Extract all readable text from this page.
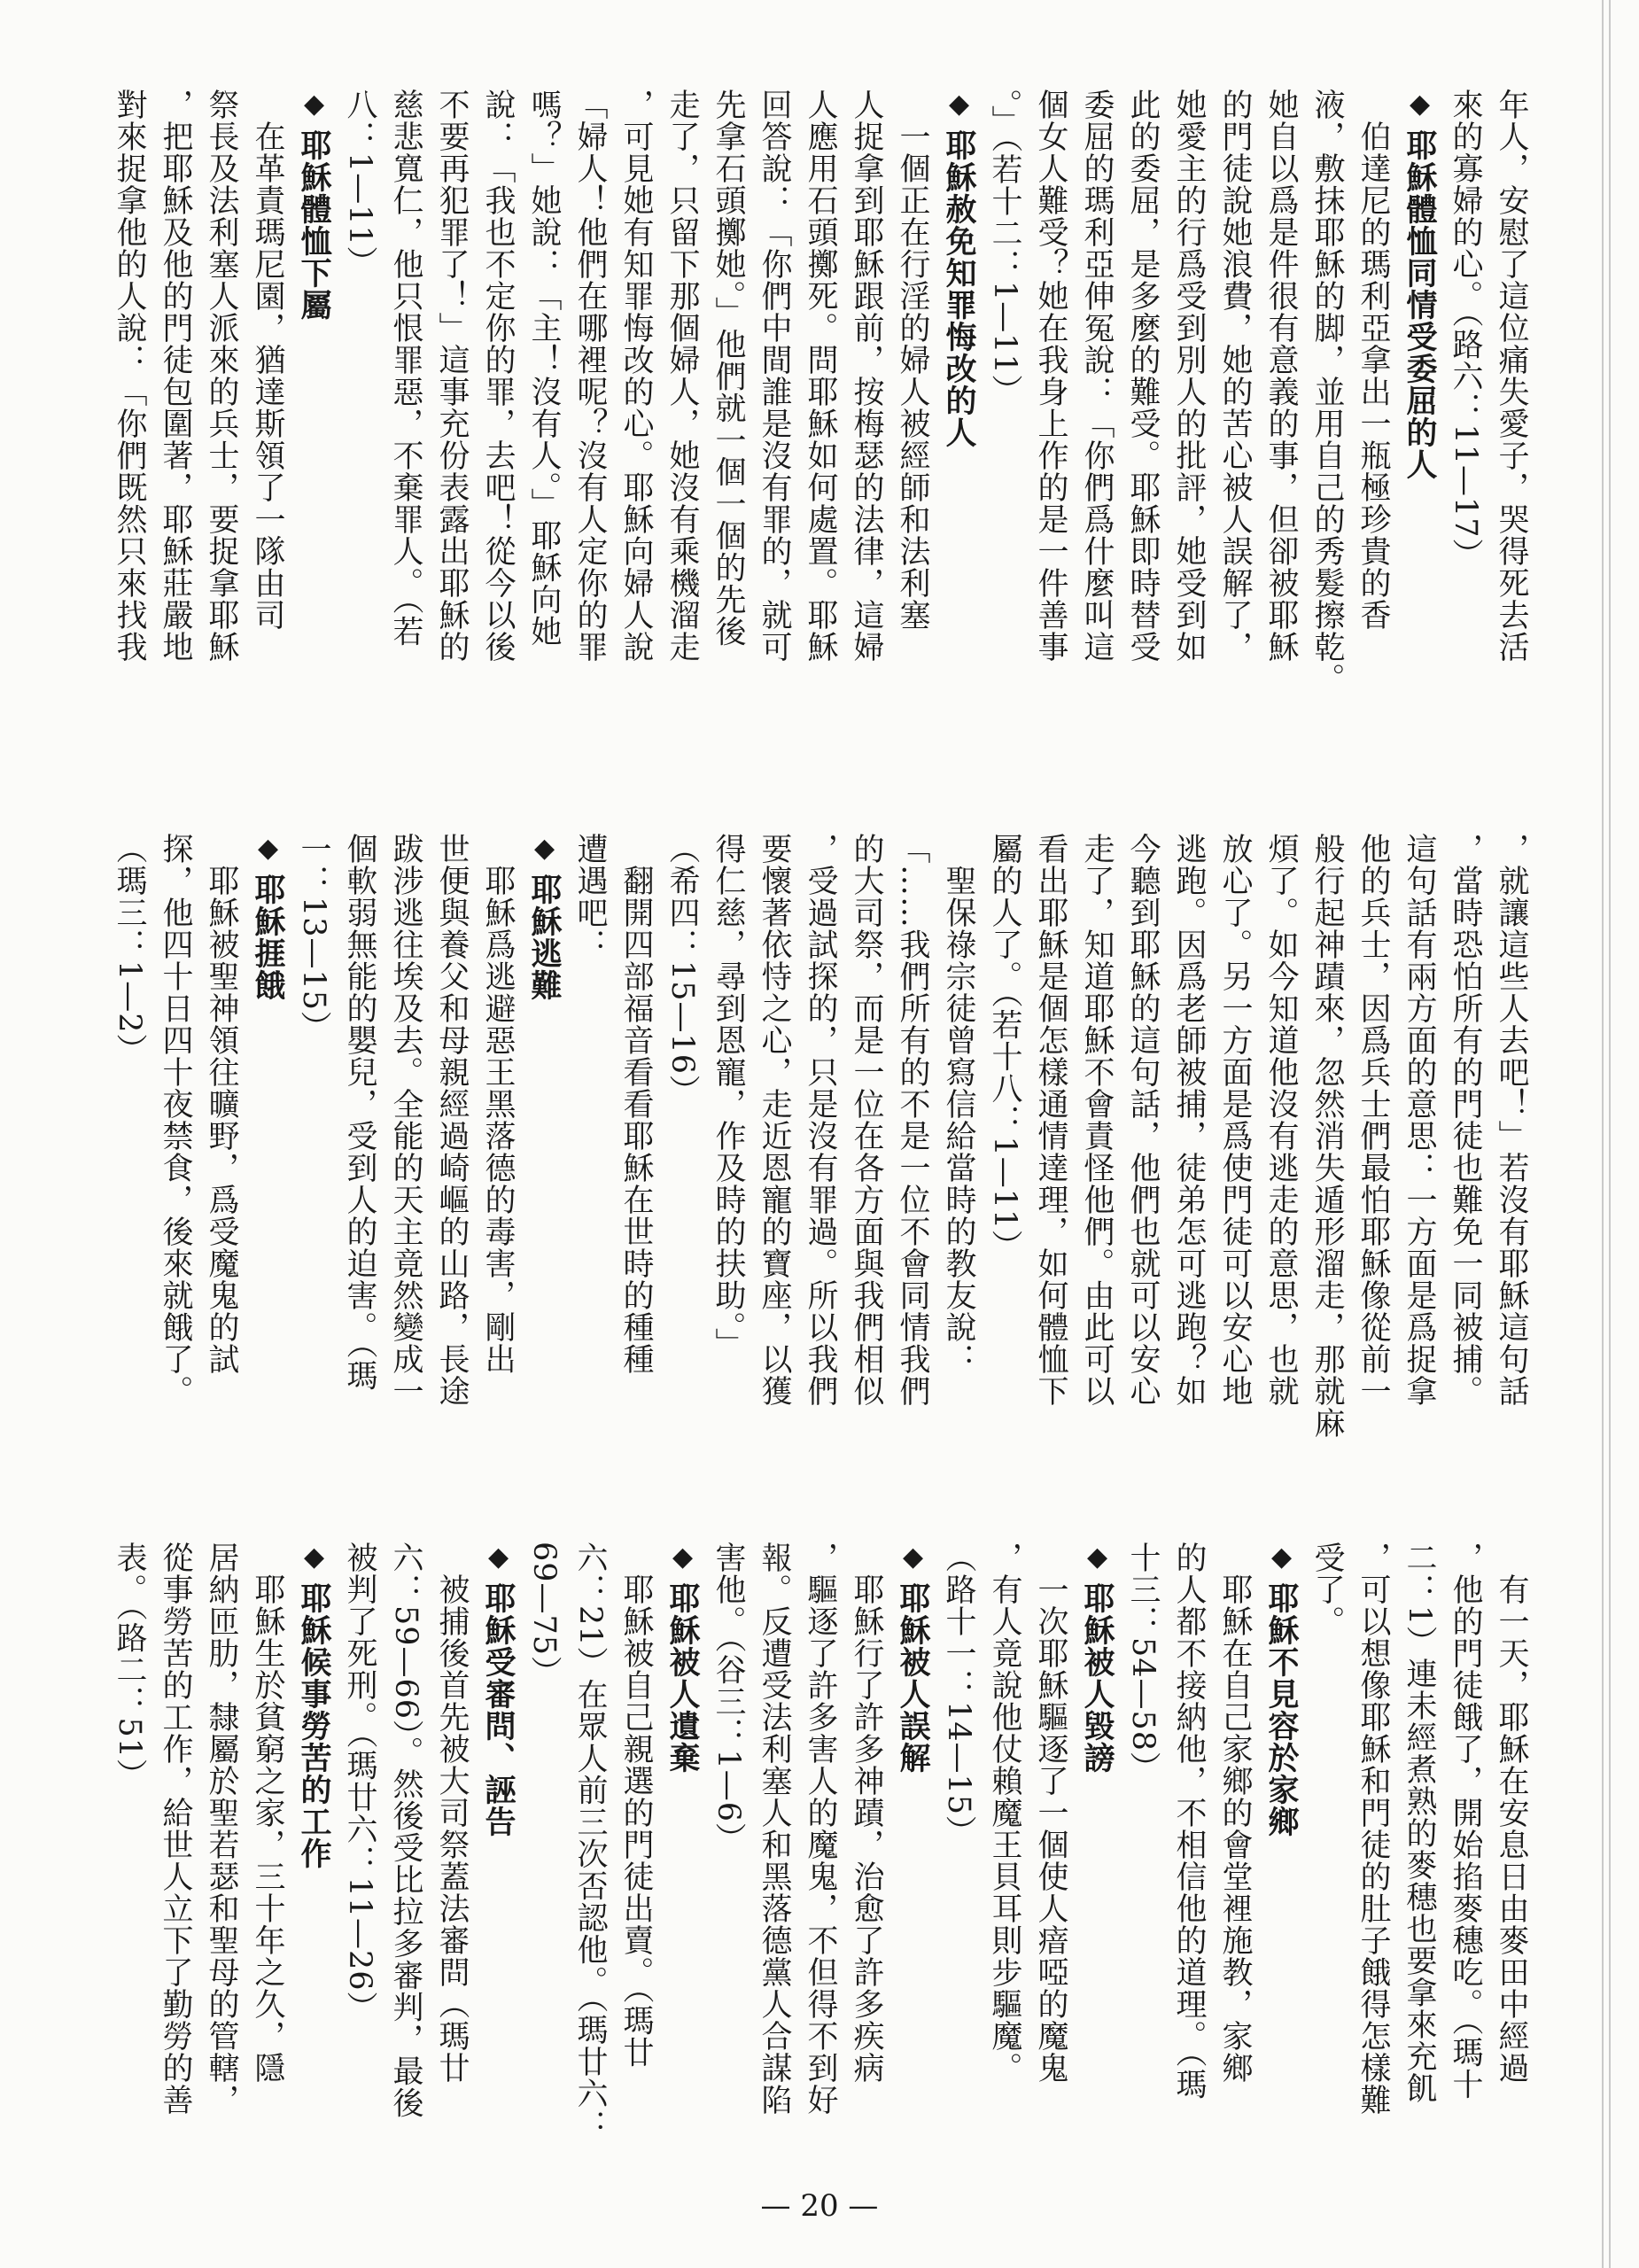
年人，安慰了這位痛失愛子，哭得死去活
來的寡婦的心。（路六：11—17）
◆耶穌體恤同情受委屈的人
　伯達尼的瑪利亞拿出一瓶極珍貴的香
液，敷抹耶穌的脚，並用自己的秀髮擦乾。
她自以爲是件很有意義的事，但卻被耶穌
的門徒說她浪費，她的苦心被人誤解了，
她愛主的行爲受到別人的批評，她受到如
此的委屈，是多麼的難受。耶穌即時替受
委屈的瑪利亞伸冤說：「你們爲什麼叫這
個女人難受？她在我身上作的是一件善事
。」（若十二：1—11）
◆耶穌赦免知罪悔改的人
　一個正在行淫的婦人被經師和法利塞
人捉拿到耶穌跟前，按梅瑟的法律，這婦
人應用石頭擲死。問耶穌如何處置。耶穌
回答說：「你們中間誰是沒有罪的，就可
先拿石頭擲她。」他們就一個一個的先後
走了，只留下那個婦人，她沒有乘機溜走
，可見她有知罪悔改的心。耶穌向婦人說
「婦人！他們在哪裡呢？沒有人定你的罪
嗎？」她說：「主！沒有人。」耶穌向她
說：「我也不定你的罪，去吧！從今以後
不要再犯罪了！」這事充份表露出耶穌的
慈悲寬仁，他只恨罪惡，不棄罪人。（若
八：1—11）
◆耶穌體恤下屬
　在革責瑪尼園，猶達斯領了一隊由司
祭長及法利塞人派來的兵士，要捉拿耶穌
，把耶穌及他的門徒包圍著，耶穌莊嚴地
對來捉拿他的人說：「你們既然只來找我
，就讓這些人去吧！」若沒有耶穌這句話
，當時恐怕所有的門徒也難免一同被捕。
這句話有兩方面的意思：一方面是爲捉拿
他的兵士，因爲兵士們最怕耶穌像從前一
般行起神蹟來，忽然消失遁形溜走，那就麻
煩了。如今知道他沒有逃走的意思，也就
放心了。另一方面是爲使門徒可以安心地
逃跑。因爲老師被捕，徒弟怎可逃跑？如
今聽到耶穌的這句話，他們也就可以安心
走了，知道耶穌不會責怪他們。由此可以
看出耶穌是個怎樣通情達理，如何體恤下
屬的人了。（若十八：1—11）
　聖保祿宗徒曾寫信給當時的教友說：
「……我們所有的不是一位不會同情我們
的大司祭，而是一位在各方面與我們相似
，受過試探的，只是沒有罪過。所以我們
要懷著依恃之心，走近恩寵的寶座，以獲
得仁慈，尋到恩寵，作及時的扶助。」
（希四：15—16）
　翻開四部福音看看耶穌在世時的種種
遭遇吧：
◆耶穌逃難
　耶穌爲逃避惡王黑落德的毒害，剛出
世便與養父和母親經過崎嶇的山路，長途
跋涉逃往埃及去。全能的天主竟然變成一
個軟弱無能的嬰兒，受到人的迫害。（瑪
一：13—15）
◆耶穌捱餓
　耶穌被聖神領往曠野，爲受魔鬼的試
探，他四十日四十夜禁食，後來就餓了。
（瑪三：1—2）
　有一天，耶穌在安息日由麥田中經過
，他的門徒餓了，開始掐麥穗吃。（瑪十
二：1）連未經煮熟的麥穗也要拿來充飢
，可以想像耶穌和門徒的肚子餓得怎樣難
受了。
◆耶穌不見容於家鄉
　耶穌在自己家鄉的會堂裡施教，家鄉
的人都不接納他，不相信他的道理。（瑪
十三：54—58）
◆耶穌被人毀謗
　一次耶穌驅逐了一個使人瘖啞的魔鬼
，有人竟說他仗賴魔王貝耳則步驅魔。
（路十一：14—15）
◆耶穌被人誤解
　耶穌行了許多神蹟，治愈了許多疾病
，驅逐了許多害人的魔鬼，不但得不到好
報。反遭受法利塞人和黑落德黨人合謀陷
害他。（谷三：1—6）
◆耶穌被人遺棄
　耶穌被自己親選的門徒出賣。（瑪廿
六：21）在眾人前三次否認他。（瑪廿六：
69—75）
◆耶穌受審問、誣告
　被捕後首先被大司祭蓋法審問（瑪廿
六：59—66）。然後受比拉多審判，最後
被判了死刑。（瑪廿六：11—26）
◆耶穌候事勞苦的工作
　耶穌生於貧窮之家，三十年之久，隱
居納匝肋，隸屬於聖若瑟和聖母的管轄，
從事勞苦的工作，給世人立下了勤勞的善
表。（路二：51）
— 20 —
